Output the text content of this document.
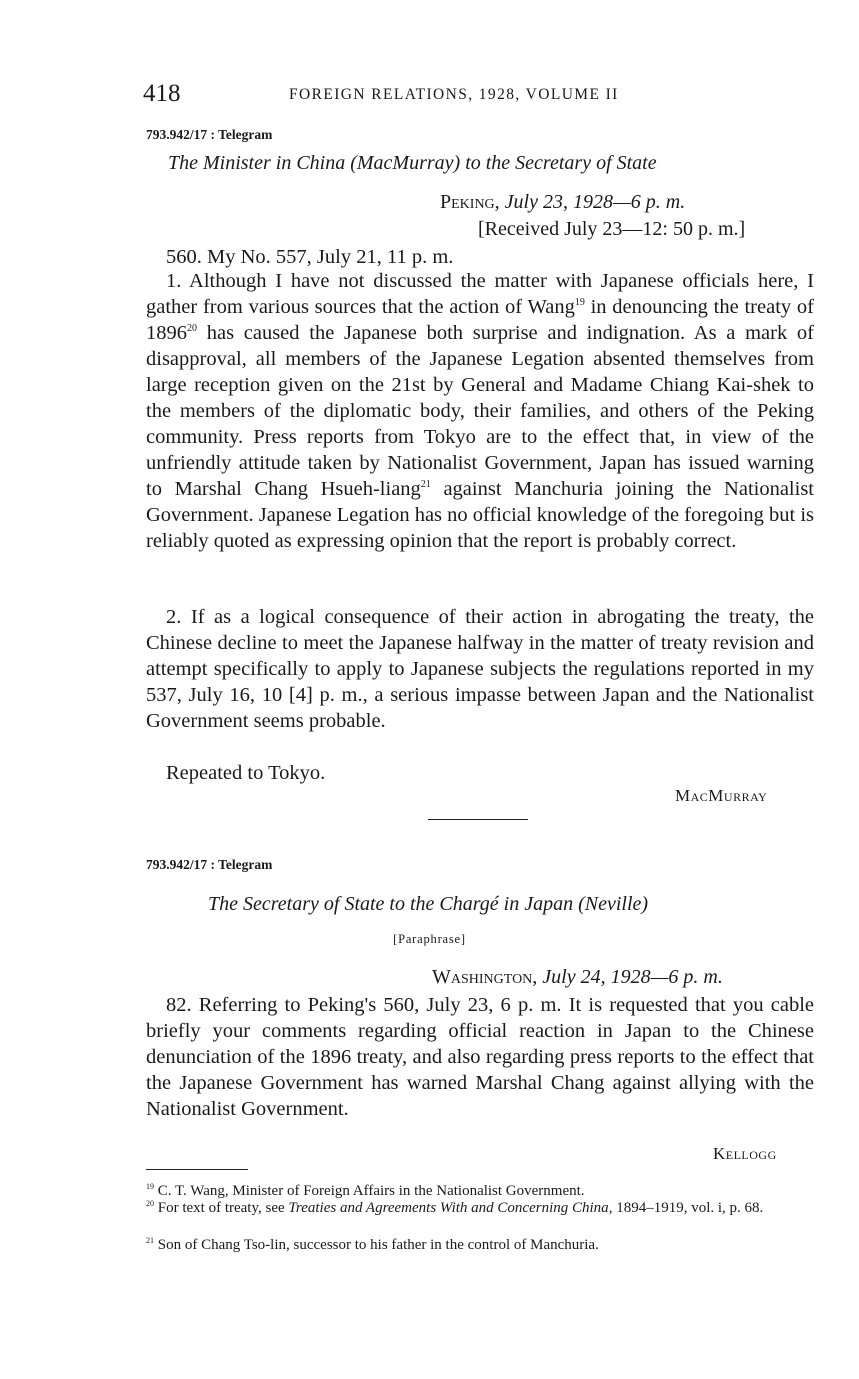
418	FOREIGN RELATIONS, 1928, VOLUME II
793.942/17 : Telegram
The Minister in China (MacMurray) to the Secretary of State
Peking, July 23, 1928—6 p. m.
[Received July 23—12: 50 p. m.]

560. My No. 557, July 21, 11 p. m.

1. Although I have not discussed the matter with Japanese officials here, I gather from various sources that the action of Wang$^{19}$ in denouncing the treaty of 1896$^{20}$ has caused the Japanese both surprise and indignation. As a mark of disapproval, all members of the Japanese Legation absented themselves from large reception given on the 21st by General and Madame Chiang Kai-shek to the members of the diplomatic body, their families, and others of the Peking community. Press reports from Tokyo are to the effect that, in view of the unfriendly attitude taken by Nationalist Government, Japan has issued warning to Marshal Chang Hsueh-liang$^{21}$ against Manchuria joining the Nationalist Government. Japanese Legation has no official knowledge of the foregoing but is reliably quoted as expressing opinion that the report is probably correct.

2. If as a logical consequence of their action in abrogating the treaty, the Chinese decline to meet the Japanese halfway in the matter of treaty revision and attempt specifically to apply to Japanese subjects the regulations reported in my 537, July 16, 10 [4] p. m., a serious impasse between Japan and the Nationalist Government seems probable.

Repeated to Tokyo.

MacMurray
793.942/17 : Telegram
The Secretary of State to the Chargé in Japan (Neville)
[Paraphrase]
Washington, July 24, 1928—6 p. m.

82. Referring to Peking's 560, July 23, 6 p. m. It is requested that you cable briefly your comments regarding official reaction in Japan to the Chinese denunciation of the 1896 treaty, and also regarding press reports to the effect that the Japanese Government has warned Marshal Chang against allying with the Nationalist Government.

Kellogg

$^{19}$ C. T. Wang, Minister of Foreign Affairs in the Nationalist Government.

$^{20}$ For text of treaty, see Treaties and Agreements With and Concerning China, 1894–1919, vol. i, p. 68.

$^{21}$ Son of Chang Tso-lin, successor to his father in the control of Manchuria.
